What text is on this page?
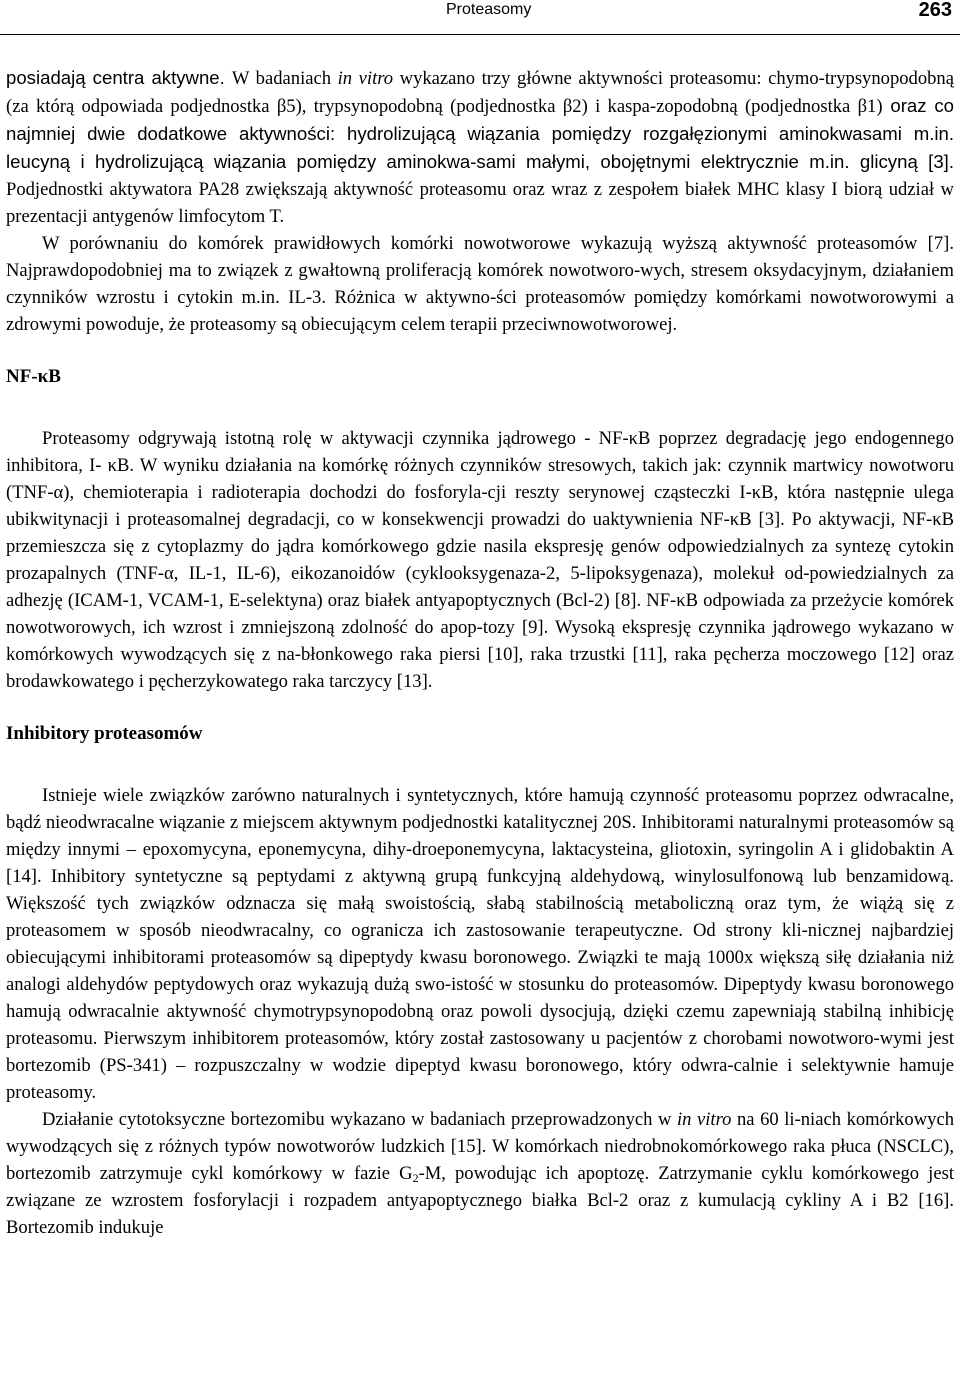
Proteasomy	263

posiadają centra aktywne. W badaniach in vitro wykazano trzy główne aktywności proteasomu: chymo-trypsynopodobną (za którą odpowiada podjednostka β5), trypsynopodobną (podjednostka β2) i kaspa-zopodobną (podjednostka β1) oraz co najmniej dwie dodatkowe aktywności: hydrolizującą wiązania pomiędzy rozgałęzionymi aminokwasami m.in. leucyną i hydrolizującą wiązania pomiędzy aminokwa-sami małymi, obojętnymi elektrycznie m.in. glicyną [3]. Podjednostki aktywatora PA28 zwiększają aktywność proteasomu oraz wraz z zespołem białek MHC klasy I biorą udział w prezentacji antygenów limfocytom T.

W porównaniu do komórek prawidłowych komórki nowotworowe wykazują wyższą aktywność proteasomów [7]. Najprawdopodobniej ma to związek z gwałtowną proliferacją komórek nowotworo-wych, stresem oksydacyjnym, działaniem czynników wzrostu i cytokin m.in. IL-3. Różnica w aktywno-ści proteasomów pomiędzy komórkami nowotworowymi a zdrowymi powoduje, że proteasomy są obiecującym celem terapii przeciwnowotworowej.

NF-κB

Proteasomy odgrywają istotną rolę w aktywacji czynnika jądrowego - NF-κB poprzez degradację jego endogennego inhibitora, I- κB. W wyniku działania na komórkę różnych czynników stresowych, takich jak: czynnik martwicy nowotworu (TNF-α), chemioterapia i radioterapia dochodzi do fosforyla-cji reszty serynowej cząsteczki I-κB, która następnie ulega ubikwitynacji i proteasomalnej degradacji, co w konsekwencji prowadzi do uaktywnienia NF-κB [3]. Po aktywacji, NF-κB przemieszcza się z cytoplazmy do jądra komórkowego gdzie nasila ekspresję genów odpowiedzialnych za syntezę cytokin prozapalnych (TNF-α, IL-1, IL-6), eikozanoidów (cyklooksygenaza-2, 5-lipoksygenaza), molekuł od-powiedzialnych za adhezję (ICAM-1, VCAM-1, E-selektyna) oraz białek antyapoptycznych (Bcl-2) [8]. NF-κB odpowiada za przeżycie komórek nowotworowych, ich wzrost i zmniejszoną zdolność do apop-tozy [9]. Wysoką ekspresję czynnika jądrowego wykazano w komórkowych wywodzących się z na-błonkowego raka piersi [10], raka trzustki [11], raka pęcherza moczowego [12] oraz brodawkowatego i pęcherzykowatego raka tarczycy [13].

Inhibitory proteasomów

Istnieje wiele związków zarówno naturalnych i syntetycznych, które hamują czynność proteasomu poprzez odwracalne, bądź nieodwracalne wiązanie z miejscem aktywnym podjednostki katalitycznej 20S. Inhibitorami naturalnymi proteasomów są między innymi – epoxomycyna, eponemycyna, dihy-droeponemycyna, laktacysteina, gliotoxin, syringolin A i glidobaktin A [14]. Inhibitory syntetyczne są peptydami z aktywną grupą funkcyjną aldehydową, winylosulfonową lub benzamidową. Większość tych związków odznacza się małą swoistością, słabą stabilnością metaboliczną oraz tym, że wiążą się z proteasomem w sposób nieodwracalny, co ogranicza ich zastosowanie terapeutyczne. Od strony kli-nicznej najbardziej obiecującymi inhibitorami proteasomów są dipeptydy kwasu boronowego. Związki te mają 1000x większą siłę działania niż analogi aldehydów peptydowych oraz wykazują dużą swo-istość w stosunku do proteasomów. Dipeptydy kwasu boronowego hamują odwracalnie aktywność chymotrypsynopodobną oraz powoli dysocjują, dzięki czemu zapewniają stabilną inhibicję proteasomu. Pierwszym inhibitorem proteasomów, który został zastosowany u pacjentów z chorobami nowotworo-wymi jest bortezomib (PS-341) – rozpuszczalny w wodzie dipeptyd kwasu boronowego, który odwra-calnie i selektywnie hamuje proteasomy.

Działanie cytotoksyczne bortezomibu wykazano w badaniach przeprowadzonych w in vitro na 60 li-niach komórkowych wywodzących się z różnych typów nowotworów ludzkich [15]. W komórkach niedrobnokomórkowego raka płuca (NSCLC), bortezomib zatrzymuje cykl komórkowy w fazie $G_2-M$, powodując ich apoptozę. Zatrzymanie cyklu komórkowego jest związane ze wzrostem fosforylacji i rozpadem antyapoptycznego białka Bcl-2 oraz z kumulacją cykliny A i B2 [16]. Bortezomib indukuje
